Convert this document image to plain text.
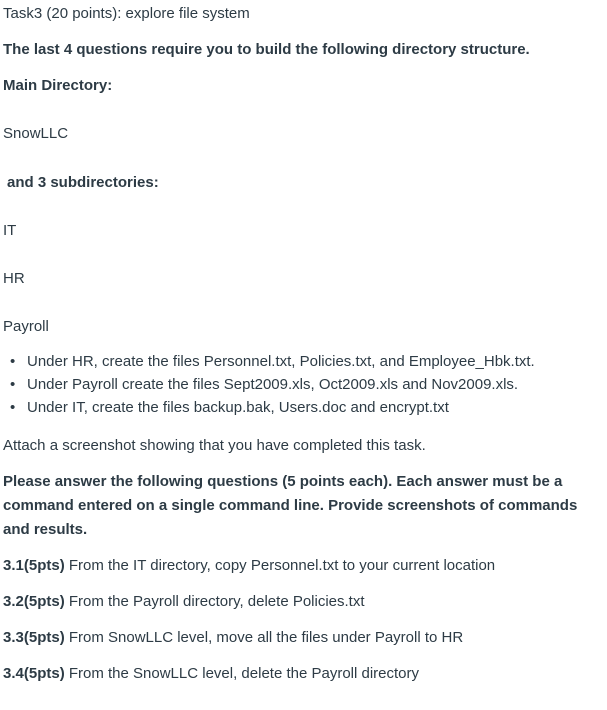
Task3 (20 points): explore file system
The last 4 questions require you to build the following directory structure.
Main Directory:
SnowLLC
and 3 subdirectories:
IT
HR
Payroll
• Under HR, create the files Personnel.txt, Policies.txt, and Employee_Hbk.txt.
• Under Payroll create the files Sept2009.xls, Oct2009.xls and Nov2009.xls.
• Under IT, create the files backup.bak, Users.doc and encrypt.txt
Attach a screenshot showing that you have completed this task.
Please answer the following questions (5 points each). Each answer must be a command entered on a single command line. Provide screenshots of commands and results.
3.1(5pts) From the IT directory, copy Personnel.txt to your current location
3.2(5pts) From the Payroll directory, delete Policies.txt
3.3(5pts) From SnowLLC level, move all the files under Payroll to HR
3.4(5pts) From the SnowLLC level, delete the Payroll directory
